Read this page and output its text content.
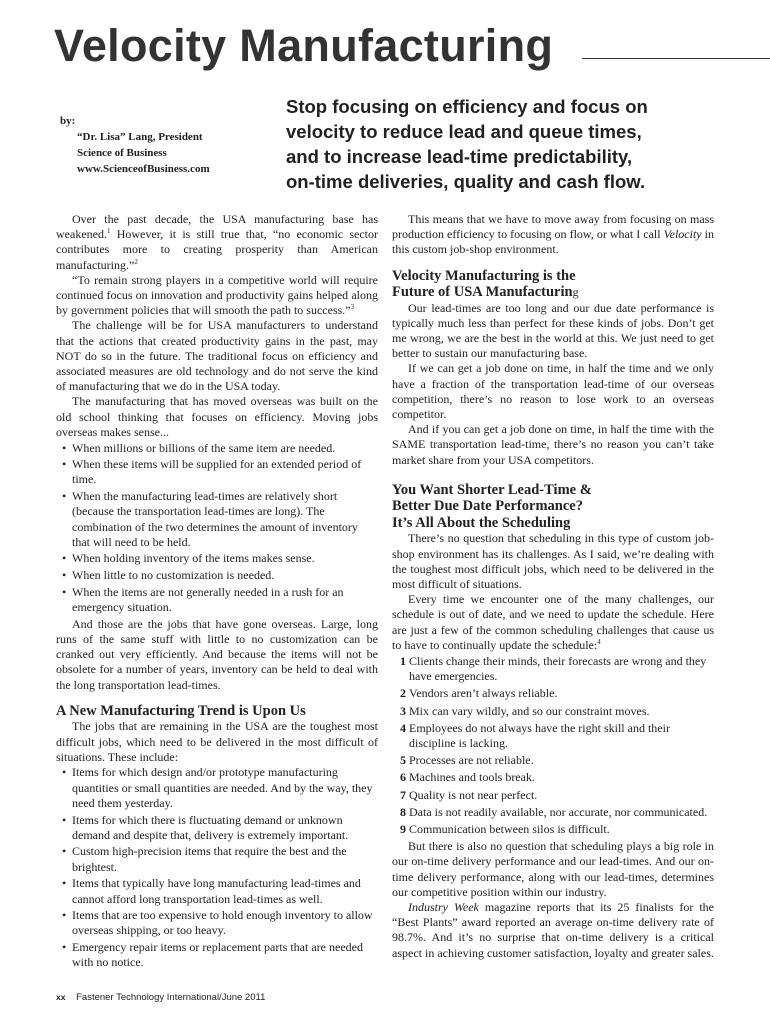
Velocity Manufacturing
by:
“Dr. Lisa” Lang, President
Science of Business
www.ScienceofBusiness.com
Stop focusing on efficiency and focus on
velocity to reduce lead and queue times,
and to increase lead-time predictability,
on-time deliveries, quality and cash flow.

Over the past decade, the USA manufacturing base has weakened.$^1$ However, it is still true that, “no economic sector contributes more to creating prosperity than American manufacturing.”$^2$

“To remain strong players in a competitive world will require continued focus on innovation and productivity gains helped along by government policies that will smooth the path to success.”$^3$

The challenge will be for USA manufacturers to understand that the actions that created productivity gains in the past, may NOT do so in the future. The traditional focus on efficiency and associated measures are old technology and do not serve the kind of manufacturing that we do in the USA today.

The manufacturing that has moved overseas was built on the old school thinking that focuses on efficiency. Moving jobs overseas makes sense...

• When millions or billions of the same item are needed.
• When these items will be supplied for an extended period of time.
• When the manufacturing lead-times are relatively short (because the transportation lead-times are long). The combination of the two determines the amount of inventory that will need to be held.
• When holding inventory of the items makes sense.
• When little to no customization is needed.
• When the items are not generally needed in a rush for an emergency situation.

And those are the jobs that have gone overseas. Large, long runs of the same stuff with little to no customization can be cranked out very efficiently. And because the items will not be obsolete for a number of years, inventory can be held to deal with the long transportation lead-times.

A New Manufacturing Trend is Upon Us

The jobs that are remaining in the USA are the toughest most difficult jobs, which need to be delivered in the most difficult of situations. These include:

• Items for which design and/or prototype manufacturing quantities or small quantities are needed. And by the way, they need them yesterday.
• Items for which there is fluctuating demand or unknown demand and despite that, delivery is extremely important.
• Custom high-precision items that require the best and the brightest.
• Items that typically have long manufacturing lead-times and cannot afford long transportation lead-times as well.
• Items that are too expensive to hold enough inventory to allow overseas shipping, or too heavy.
• Emergency repair items or replacement parts that are needed with no notice.

This means that we have to move away from focusing on mass production efficiency to focusing on flow, or what I call Velocity in this custom job-shop environment.

Velocity Manufacturing is the
Future of USA Manufacturing

Our lead-times are too long and our due date performance is typically much less than perfect for these kinds of jobs. Don’t get me wrong, we are the best in the world at this. We just need to get better to sustain our manufacturing base.

If we can get a job done on time, in half the time and we only have a fraction of the transportation lead-time of our overseas competition, there’s no reason to lose work to an overseas competitor.

And if you can get a job done on time, in half the time with the SAME transportation lead-time, there’s no reason you can’t take market share from your USA competitors.

You Want Shorter Lead-Time &
Better Due Date Performance?
It’s All About the Scheduling

There’s no question that scheduling in this type of custom job-shop environment has its challenges. As I said, we’re dealing with the toughest most difficult jobs, which need to be delivered in the most difficult of situations.

Every time we encounter one of the many challenges, our schedule is out of date, and we need to update the schedule. Here are just a few of the common scheduling challenges that cause us to have to continually update the schedule:$^4$

1 Clients change their minds, their forecasts are wrong and they have emergencies.
2 Vendors aren’t always reliable.
3 Mix can vary wildly, and so our constraint moves.
4 Employees do not always have the right skill and their discipline is lacking.
5 Processes are not reliable.
6 Machines and tools break.
7 Quality is not near perfect.
8 Data is not readily available, nor accurate, nor communicated.
9 Communication between silos is difficult.

But there is also no question that scheduling plays a big role in our on-time delivery performance and our lead-times. And our on-time delivery performance, along with our lead-times, determines our competitive position within our industry.

Industry Week magazine reports that its 25 finalists for the “Best Plants” award reported an average on-time delivery rate of 98.7%. And it’s no surprise that on-time delivery is a critical aspect in achieving customer satisfaction, loyalty and greater sales.

xx Fastener Technology International/June 2011
